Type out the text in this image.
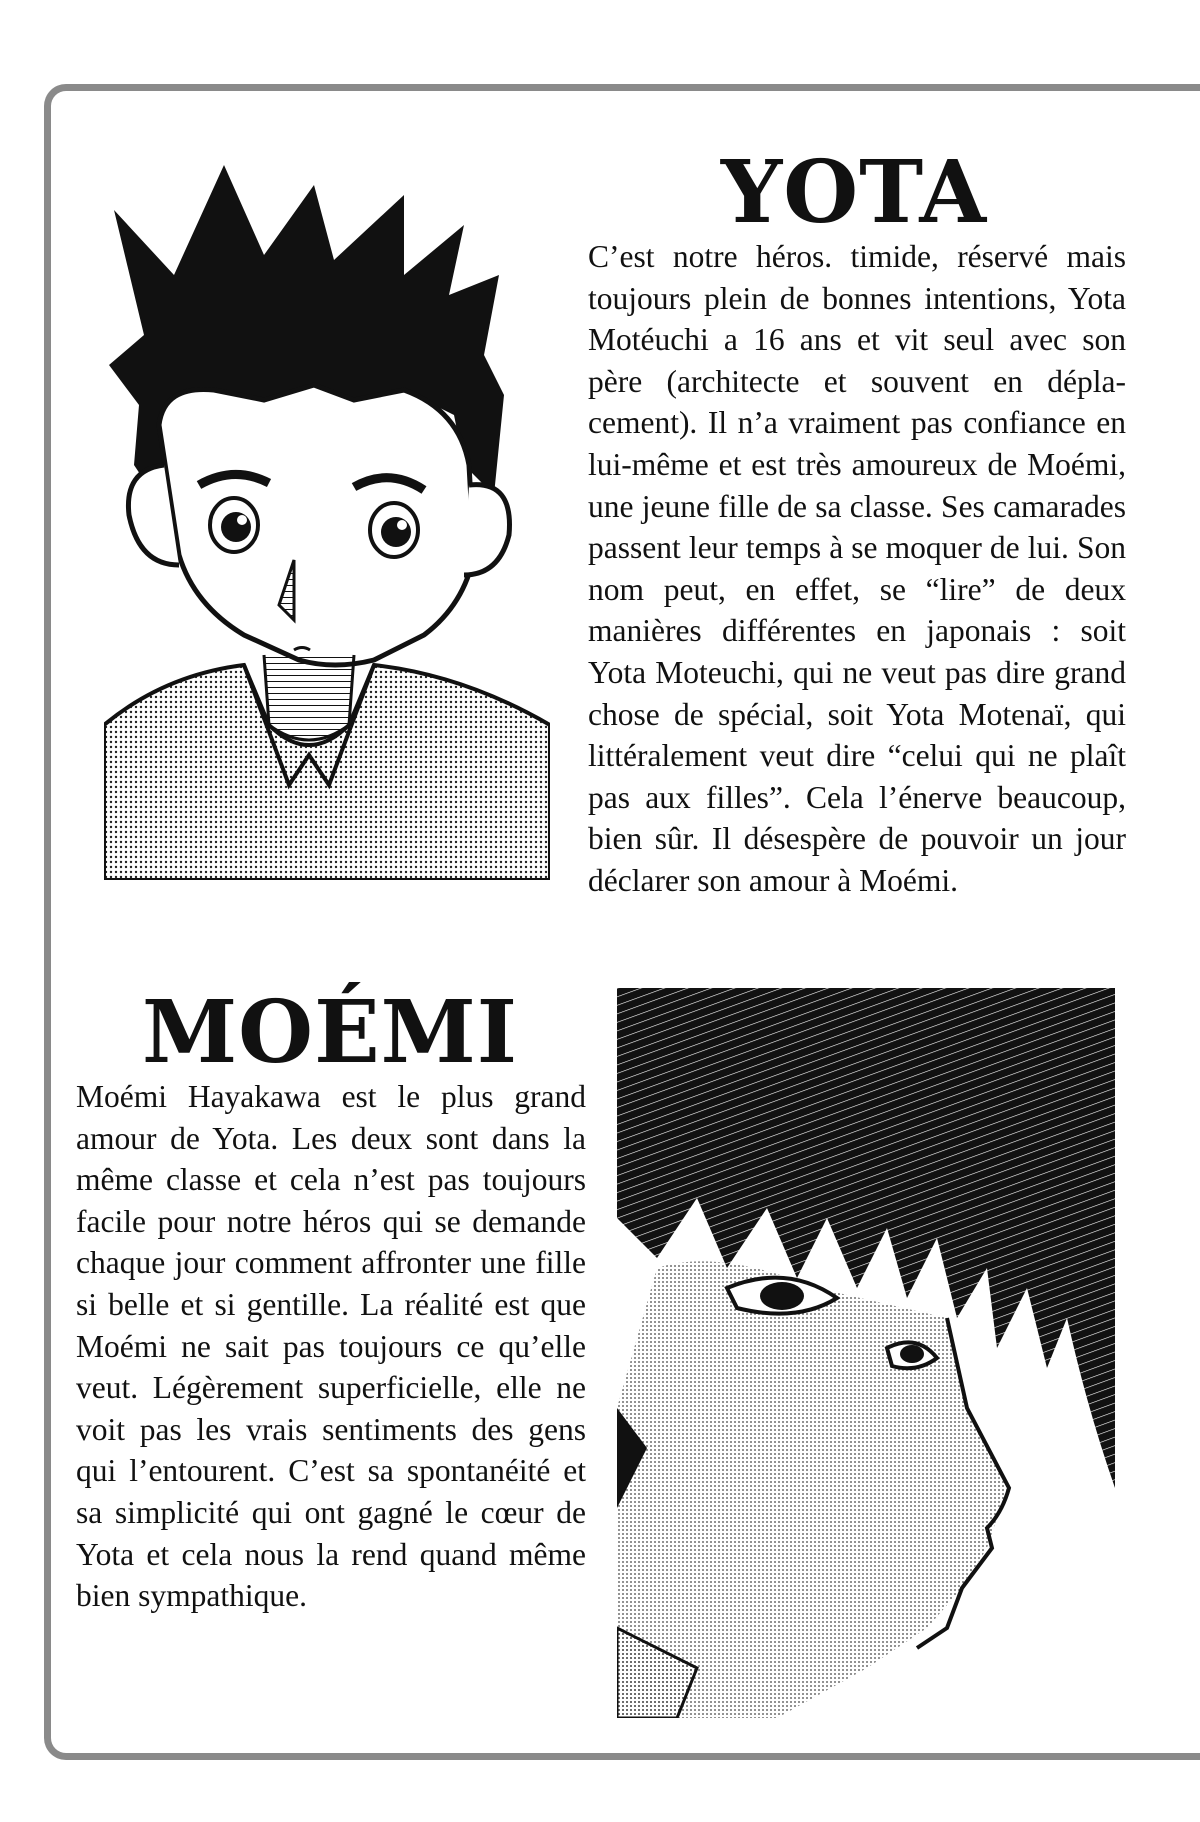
YOTA

C’est notre héros. timide, réservé mais toujours plein de bonnes intentions, Yota Motéuchi a 16 ans et vit seul avec son père (architecte et souvent en déplacement). Il n’a vraiment pas confiance en lui-même et est très amoureux de Moémi, une jeune fille de sa classe. Ses camarades passent leur temps à se moquer de lui. Son nom peut, en effet, se “lire” de deux manières différentes en japonais : soit Yota Moteuchi, qui ne veut pas dire grand chose de spécial, soit Yota Motenaï, qui littéralement veut dire “celui qui ne plaît pas aux filles”. Cela l’énerve beaucoup, bien sûr. Il désespère de pouvoir un jour déclarer son amour à Moémi.

MOÉMI

Moémi Hayakawa est le plus grand amour de Yota. Les deux sont dans la même classe et cela n’est pas toujours facile pour notre héros qui se demande chaque jour comment affronter une fille si belle et si gentille. La réalité est que Moémi ne sait pas toujours ce qu’elle veut. Légèrement superficielle, elle ne voit pas les vrais sentiments des gens qui l’entourent. C’est sa spontanéité et sa simplicité qui ont gagné le cœur de Yota et cela nous la rend quand même bien sympathique.
